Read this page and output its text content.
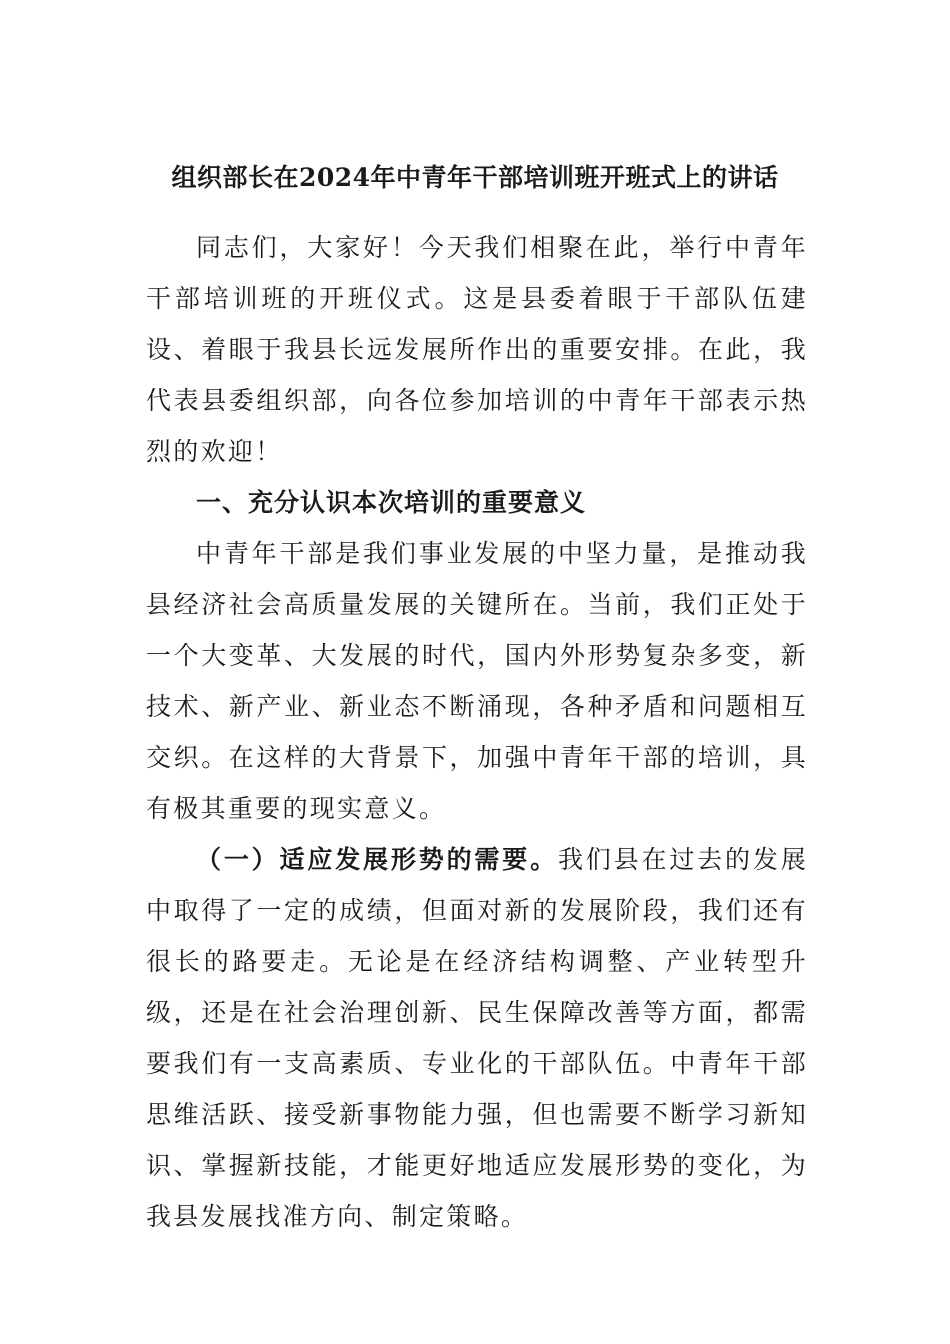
组织部长在2024年中青年干部培训班开班式上的讲话

同志们，大家好！今天我们相聚在此，举行中青年干部培训班的开班仪式。这是县委着眼于干部队伍建设、着眼于我县长远发展所作出的重要安排。在此，我代表县委组织部，向各位参加培训的中青年干部表示热烈的欢迎！

一、充分认识本次培训的重要意义

中青年干部是我们事业发展的中坚力量，是推动我县经济社会高质量发展的关键所在。当前，我们正处于一个大变革、大发展的时代，国内外形势复杂多变，新技术、新产业、新业态不断涌现，各种矛盾和问题相互交织。在这样的大背景下，加强中青年干部的培训，具有极其重要的现实意义。

（一）适应发展形势的需要。我们县在过去的发展中取得了一定的成绩，但面对新的发展阶段，我们还有很长的路要走。无论是在经济结构调整、产业转型升级，还是在社会治理创新、民生保障改善等方面，都需要我们有一支高素质、专业化的干部队伍。中青年干部思维活跃、接受新事物能力强，但也需要不断学习新知识、掌握新技能，才能更好地适应发展形势的变化，为我县发展找准方向、制定策略。
